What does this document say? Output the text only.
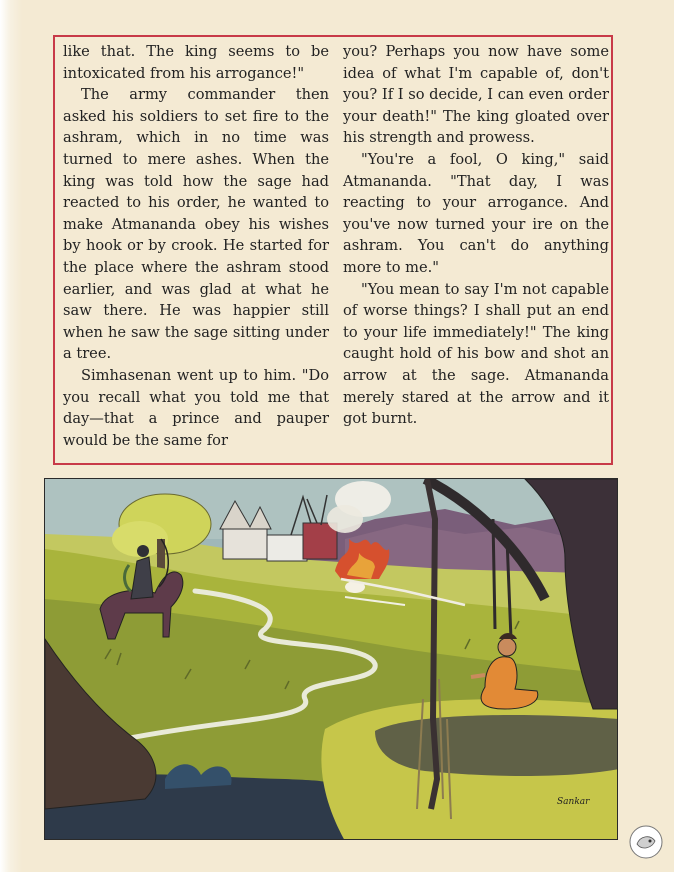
like that. The king seems to be intoxicated from his arrogance!"

The army commander then asked his soldiers to set fire to the ashram, which in no time was turned to mere ashes. When the king was told how the sage had reacted to his order, he wanted to make Atmananda obey his wishes by hook or by crook. He started for the place where the ashram stood earlier, and was glad at what he saw there. He was happier still when he saw the sage sitting under a tree.

Simhasenan went up to him. "Do you recall what you told me that day—that a prince and pauper would be the same for

you? Perhaps you now have some idea of what I'm capable of, don't you? If I so decide, I can even order your death!" The king gloated over his strength and prowess.

"You're a fool, O king," said Atmananda. "That day, I was reacting to your arrogance. And you've now turned your ire on the ashram. You can't do anything more to me."

"You mean to say I'm not capable of worse things? I shall put an end to your life immediately!" The king caught hold of his bow and shot an arrow at the sage. Atmananda merely stared at the arrow and it got burnt.

Sankar
